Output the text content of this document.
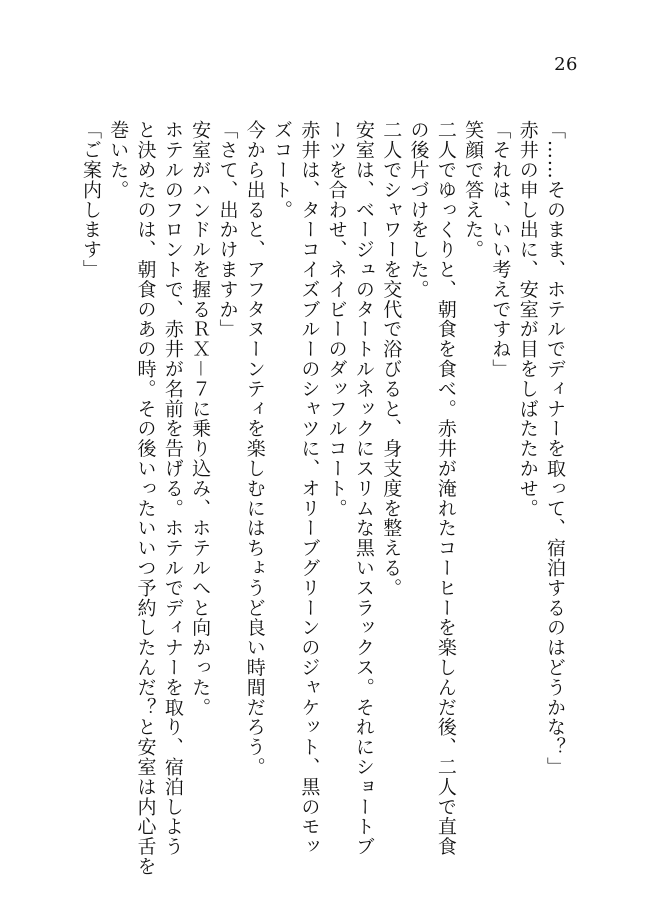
26
「……そのまま、ホテルでディナーを取って、宿泊するのはどうかな？」
赤井の申し出に、安室が目をしばたたかせ。
「それは、いい考えですね」
笑顔で答えた。
二人でゆっくりと、朝食を食べ。赤井が淹れたコーヒーを楽しんだ後、二人で直食
の後片づけをした。
二人でシャワーを交代で浴びると、身支度を整える。
安室は、ベージュのタートルネックにスリムな黒いスラックス。それにショートブ
ーツを合わせ、ネイビーのダッフルコート。
赤井は、ターコイズブルーのシャツに、オリーブグリーンのジャケット、黒のモッ
ズコート。
今から出ると、アフタヌーンティを楽しむにはちょうど良い時間だろう。
「さて、出かけますか」
安室がハンドルを握るＲＸ－７に乗り込み、ホテルへと向かった。
ホテルのフロントで、赤井が名前を告げる。ホテルでディナーを取り、宿泊しよう
と決めたのは、朝食のあの時。その後いったいいつ予約したんだ？と安室は内心舌を
巻いた。
「ご案内します」
